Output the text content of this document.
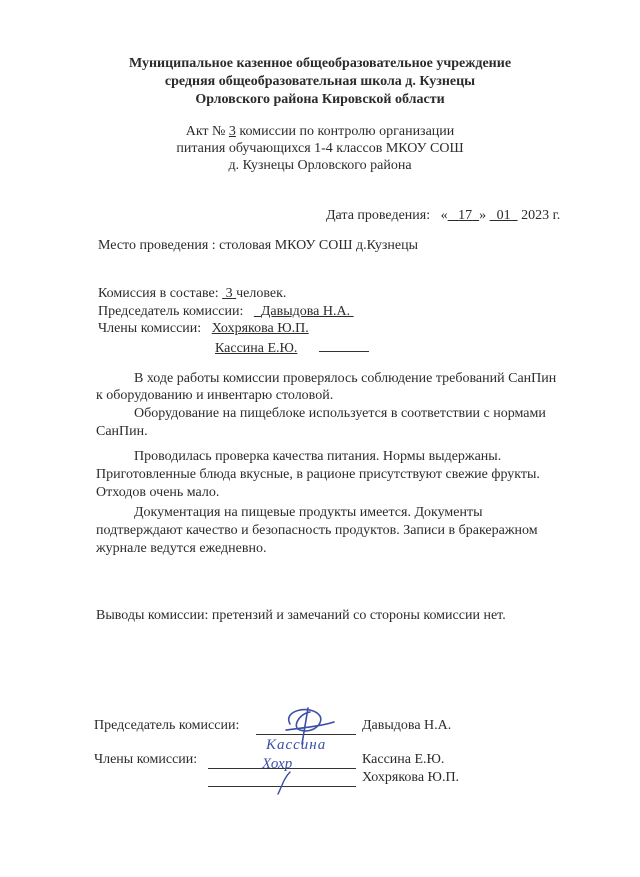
Муниципальное казенное общеобразовательное учреждение
средняя общеобразовательная школа д. Кузнецы
Орловского района Кировской области
Акт № 3 комиссии по контролю организации
питания обучающихся 1-4 классов МКОУ СОШ
д. Кузнецы Орловского района
Дата проведения: « 17 » 01 2023 г.
Место проведения : столовая МКОУ СОШ д.Кузнецы
Комиссия в составе: 3 человек.
Председатель комиссии: Давыдова Н.А.
Члены комиссии: Хохрякова Ю.П.
Кассина Е.Ю.
В ходе работы комиссии проверялось соблюдение требований СанПин
к оборудованию и инвентарю столовой.
Оборудование на пищеблоке используется в соответствии с нормами
СанПин.
Проводилась проверка качества питания. Нормы выдержаны.
Приготовленные блюда вкусные, в рационе присутствуют свежие фрукты.
Отходов очень мало.
Документация на пищевые продукты имеется. Документы
подтверждают качество и безопасность продуктов. Записи в бракеражном
журнале ведутся ежедневно.
Выводы комиссии: претензий и замечаний со стороны комиссии нет.
Председатель комиссии:	Давыдова Н.А.
Члены комиссии:	Кассина Е.Ю.
Кассина
Хохрякова Ю.П.
Хохр
